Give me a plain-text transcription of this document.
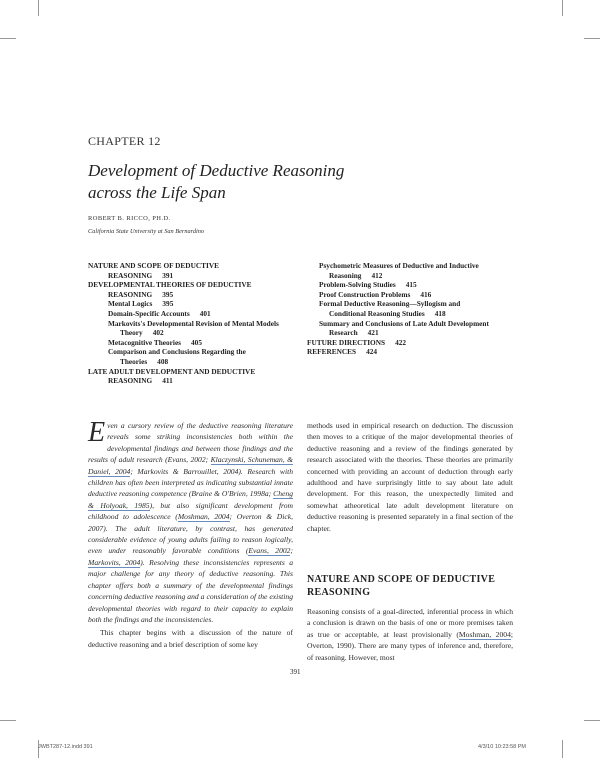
CHAPTER 12
Development of Deductive Reasoning
across the Life Span
ROBERT B. RICCO, PH.D.
California State University at San Bernardino
NATURE AND SCOPE OF DEDUCTIVE
REASONING 391
DEVELOPMENTAL THEORIES OF DEDUCTIVE
REASONING 395
Mental Logics 395
Domain-Specific Accounts 401
Markovits's Developmental Revision of Mental Models
Theory 402
Metacognitive Theories 405
Comparison and Conclusions Regarding the
Theories 408
LATE ADULT DEVELOPMENT AND DEDUCTIVE
REASONING 411
Psychometric Measures of Deductive and Inductive
Reasoning 412
Problem-Solving Studies 415
Proof Construction Problems 416
Formal Deductive Reasoning—Syllogism and
Conditional Reasoning Studies 418
Summary and Conclusions of Late Adult Development
Research 421
FUTURE DIRECTIONS 422
REFERENCES 424

Even a cursory review of the deductive reasoning literature reveals some striking inconsistencies both within the developmental findings and between those findings and the results of adult research (Evans, 2002; Klaczynski, Schuneman, & Daniel, 2004; Markovits & Barrouillet, 2004). Research with children has often been interpreted as indicating substantial innate deductive reasoning competence (Braine & O'Brien, 1998a; Cheng & Holyoak, 1985), but also significant development from childhood to adolescence (Moshman, 2004; Overton & Dick, 2007). The adult literature, by contrast, has generated considerable evidence of young adults failing to reason logically, even under reasonably favorable conditions (Evans, 2002; Markovits, 2004). Resolving these inconsistencies represents a major challenge for any theory of deductive reasoning. This chapter offers both a summary of the developmental findings concerning deductive reasoning and a consideration of the existing developmental theories with regard to their capacity to explain both the findings and the inconsistencies.

This chapter begins with a discussion of the nature of deductive reasoning and a brief description of some key

methods used in empirical research on deduction. The discussion then moves to a critique of the major developmental theories of deductive reasoning and a review of the findings generated by research associated with the theories. These theories are primarily concerned with providing an account of deduction through early adulthood and have surprisingly little to say about late adult development. For this reason, the unexpectedly limited and somewhat atheoretical late adult development literature on deductive reasoning is presented separately in a final section of the chapter.

NATURE AND SCOPE OF DEDUCTIVE
REASONING

Reasoning consists of a goal-directed, inferential process in which a conclusion is drawn on the basis of one or more premises taken as true or acceptable, at least provisionally (Moshman, 2004; Overton, 1990). There are many types of inference and, therefore, of reasoning. However, most

391
JWBT287-12.indd 391	4/3/10 10:23:58 PM
